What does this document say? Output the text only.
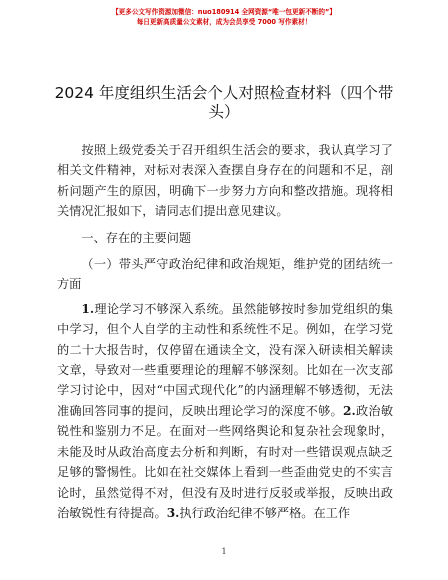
【更多公文写作资源加微信：nuo180914 全网资源“唯一包更新不断的”】
每日更新高质量公文素材，成为会员享受 7000 写作素材！
2024 年度组织生活会个人对照检查材料（四个带头）

按照上级党委关于召开组织生活会的要求，我认真学习了相关文件精神，对标对表深入查摆自身存在的问题和不足，剖析问题产生的原因，明确下一步努力方向和整改措施。现将相关情况汇报如下，请同志们提出意见建议。

一、存在的主要问题

（一）带头严守政治纪律和政治规矩，维护党的团结统一方面

1.理论学习不够深入系统。虽然能够按时参加党组织的集中学习，但个人自学的主动性和系统性不足。例如，在学习党的二十大报告时，仅停留在通读全文，没有深入研读相关解读文章，导致对一些重要理论的理解不够深刻。比如在一次支部学习讨论中，因对“中国式现代化”的内涵理解不够透彻，无法准确回答同事的提问，反映出理论学习的深度不够。2.政治敏锐性和鉴别力不足。在面对一些网络舆论和复杂社会现象时，未能及时从政治高度去分析和判断，有时对一些错误观点缺乏足够的警惕性。比如在社交媒体上看到一些歪曲党史的不实言论时，虽然觉得不对，但没有及时进行反驳或举报，反映出政治敏锐性有待提高。3.执行政治纪律不够严格。在工作

1
